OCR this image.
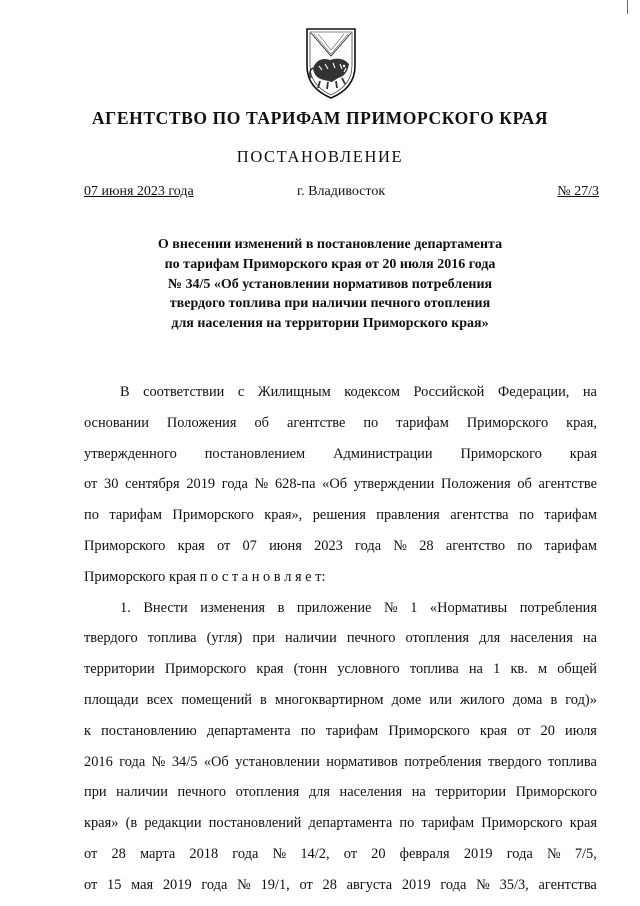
АГЕНТСТВО ПО ТАРИФАМ ПРИМОРСКОГО КРАЯ
ПОСТАНОВЛЕНИЕ
07 июня 2023 года	г. Владивосток	№ 27/3
О внесении изменений в постановление департамента
по тарифам Приморского края от 20 июля 2016 года
№ 34/5 «Об установлении нормативов потребления
твердого топлива при наличии печного отопления
для населения на территории Приморского края»
В соответствии с Жилищным кодексом Российской Федерации, на
основании Положения об агентстве по тарифам Приморского края,
утвержденного постановлением Администрации Приморского края
от 30 сентября 2019 года № 628-па «Об утверждении Положения об агентстве
по тарифам Приморского края», решения правления агентства по тарифам
Приморского края от 07 июня 2023 года № 28 агентство по тарифам
Приморского края п о с т а н о в л я е т:
1. Внести изменения в приложение № 1 «Нормативы потребления
твердого топлива (угля) при наличии печного отопления для населения на
территории Приморского края (тонн условного топлива на 1 кв. м общей
площади всех помещений в многоквартирном доме или жилого дома в год)»
к постановлению департамента по тарифам Приморского края от 20 июля
2016 года № 34/5 «Об установлении нормативов потребления твердого топлива
при наличии печного отопления для населения на территории Приморского
края» (в редакции постановлений департамента по тарифам Приморского края
от 28 марта 2018 года № 14/2, от 20 февраля 2019 года № 7/5,
от 15 мая 2019 года № 19/1, от 28 августа 2019 года № 35/3, агентства
